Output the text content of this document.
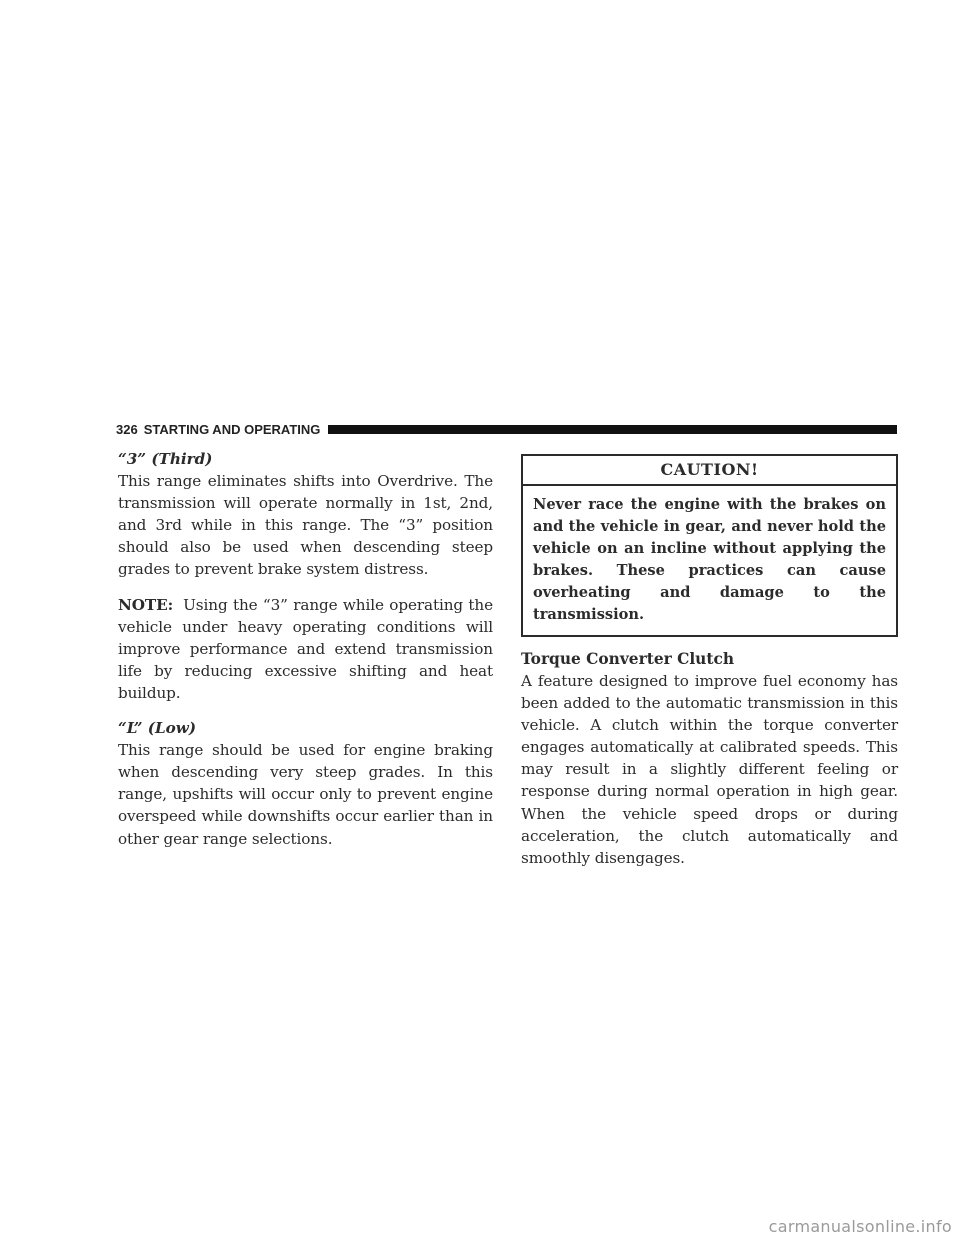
326 STARTING AND OPERATING

“3” (Third)

This range eliminates shifts into Overdrive. The transmission will operate normally in 1st, 2nd, and 3rd while in this range. The “3” position should also be used when descending steep grades to prevent brake system distress.

NOTE: Using the “3” range while operating the vehicle under heavy operating conditions will improve performance and extend transmission life by reducing excessive shifting and heat buildup.

“L” (Low)

This range should be used for engine braking when descending very steep grades. In this range, upshifts will occur only to prevent engine overspeed while downshifts occur earlier than in other gear range selections.

CAUTION!
Never race the engine with the brakes on and the vehicle in gear, and never hold the vehicle on an incline without applying the brakes. These practices can cause overheating and damage to the transmission.

Torque Converter Clutch

A feature designed to improve fuel economy has been added to the automatic transmission in this vehicle. A clutch within the torque converter engages automatically at calibrated speeds. This may result in a slightly different feeling or response during normal operation in high gear. When the vehicle speed drops or during acceleration, the clutch automatically and smoothly disengages.

carmanualsonline.info
